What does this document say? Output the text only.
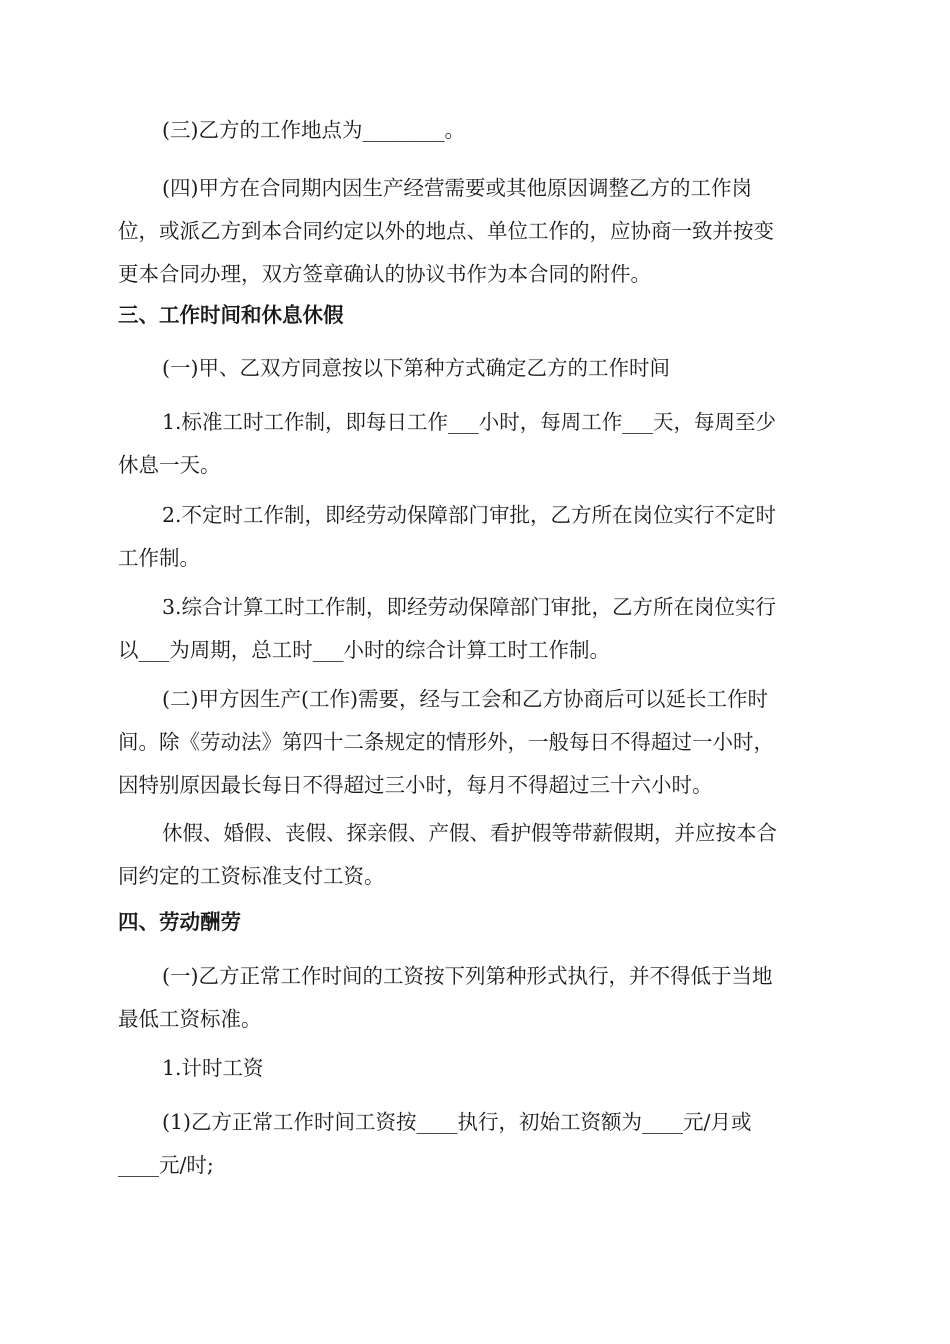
(三)乙方的工作地点为________。

(四)甲方在合同期内因生产经营需要或其他原因调整乙方的工作岗
位，或派乙方到本合同约定以外的地点、单位工作的，应协商一致并按变
更本合同办理，双方签章确认的协议书作为本合同的附件。

三、工作时间和休息休假

(一)甲、乙双方同意按以下第种方式确定乙方的工作时间

1.标准工时工作制，即每日工作___小时，每周工作___天，每周至少
休息一天。
2.不定时工作制，即经劳动保障部门审批，乙方所在岗位实行不定时
工作制。
3.综合计算工时工作制，即经劳动保障部门审批，乙方所在岗位实行
以___为周期，总工时___小时的综合计算工时工作制。
(二)甲方因生产(工作)需要，经与工会和乙方协商后可以延长工作时
间。除《劳动法》第四十二条规定的情形外，一般每日不得超过一小时，
因特别原因最长每日不得超过三小时，每月不得超过三十六小时。
休假、婚假、丧假、探亲假、产假、看护假等带薪假期，并应按本合
同约定的工资标准支付工资。

四、劳动酬劳

(一)乙方正常工作时间的工资按下列第种形式执行，并不得低于当地
最低工资标准。

1.计时工资

(1)乙方正常工作时间工资按____执行，初始工资额为____元/月或
____元/时;
